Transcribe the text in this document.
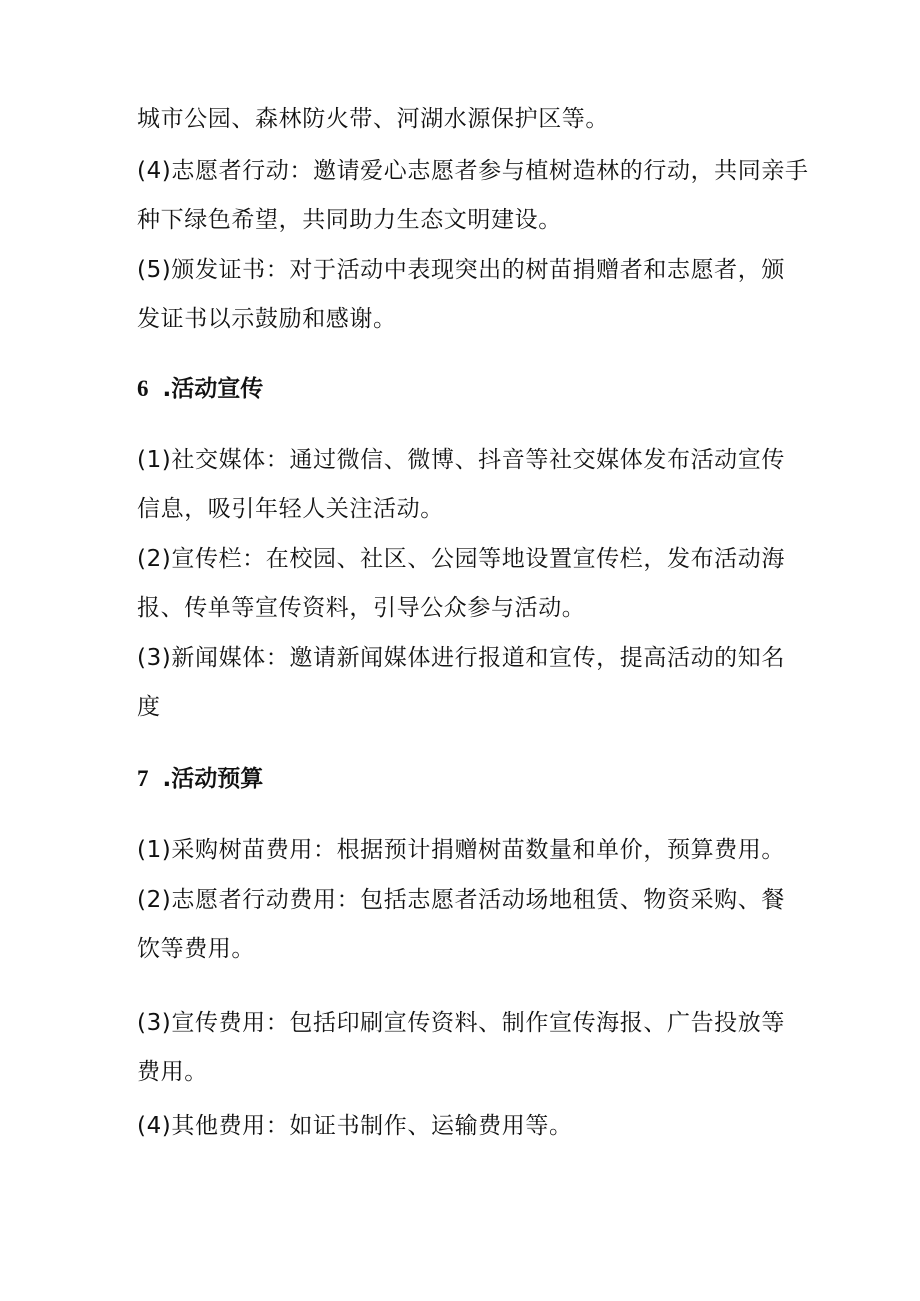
城市公园、森林防火带、河湖水源保护区等。
(4)志愿者行动：邀请爱心志愿者参与植树造林的行动，共同亲手
种下绿色希望，共同助力生态文明建设。
(5)颁发证书：对于活动中表现突出的树苗捐赠者和志愿者，颁
发证书以示鼓励和感谢。
6 .活动宣传
(1)社交媒体：通过微信、微博、抖音等社交媒体发布活动宣传
信息，吸引年轻人关注活动。
(2)宣传栏：在校园、社区、公园等地设置宣传栏，发布活动海
报、传单等宣传资料，引导公众参与活动。
(3)新闻媒体：邀请新闻媒体进行报道和宣传，提高活动的知名
度
7 .活动预算
(1)采购树苗费用：根据预计捐赠树苗数量和单价，预算费用。
(2)志愿者行动费用：包括志愿者活动场地租赁、物资采购、餐
饮等费用。
(3)宣传费用：包括印刷宣传资料、制作宣传海报、广告投放等
费用。
(4)其他费用：如证书制作、运输费用等。
